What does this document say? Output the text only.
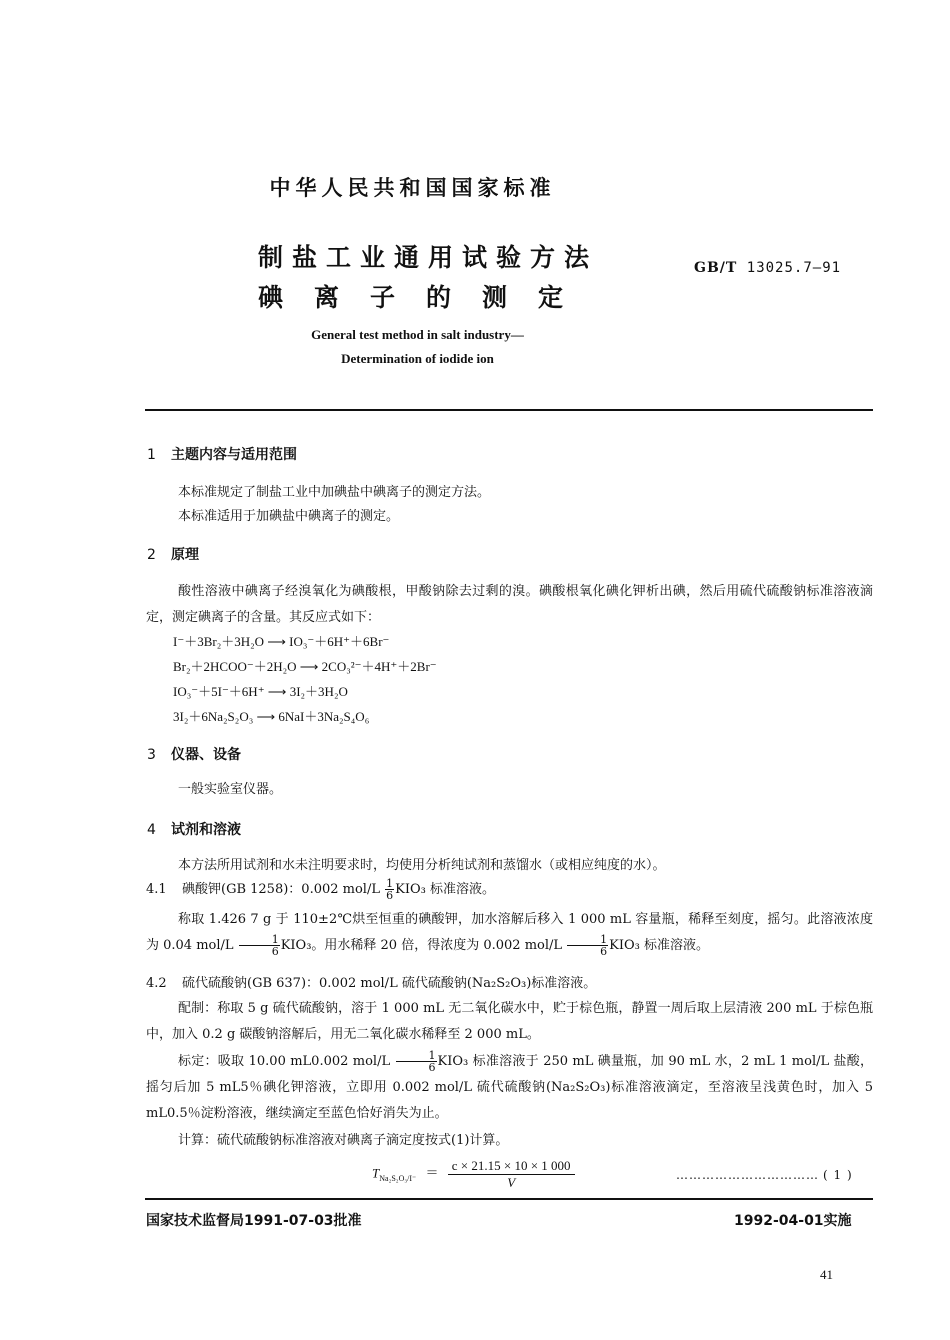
中华人民共和国国家标准
制盐工业通用试验方法
碘离子的测定
GB/T 13025.7—91
General test method in salt industry—
Determination of iodide ion
1 主题内容与适用范围
本标准规定了制盐工业中加碘盐中碘离子的测定方法。
本标准适用于加碘盐中碘离子的测定。
2 原理
酸性溶液中碘离子经溴氧化为碘酸根，甲酸钠除去过剩的溴。碘酸根氧化碘化钾析出碘，然后用硫代硫酸钠标准溶液滴定，测定碘离子的含量。其反应式如下：
I⁻＋3Br₂＋3H₂O ⟶ IO₃⁻＋6H⁺＋6Br⁻
Br₂＋2HCOO⁻＋2H₂O ⟶ 2CO₃²⁻＋4H⁺＋2Br⁻
IO₃⁻＋5I⁻＋6H⁺ ⟶ 3I₂＋3H₂O
3I₂＋6Na₂S₂O₃ ⟶ 6NaI＋3Na₂S₄O₆
3 仪器、设备
一般实验室仪器。
4 试剂和溶液
本方法所用试剂和水未注明要求时，均使用分析纯试剂和蒸馏水（或相应纯度的水）。
4.1 碘酸钾(GB 1258)：0.002 $mol/L \frac{1}{6} KIO_3$ 标准溶液。
称取 1.426 7 g 于 110±2℃烘至恒重的碘酸钾，加水溶解后移入 1 000 mL 容量瓶，稀释至刻度，摇匀。此溶液浓度为 0.04 $mol/L \frac{1}{6} KIO_3$。用水稀释 20 倍，得浓度为 0.002 $mol/L \frac{1}{6} KIO_3$ 标准溶液。
4.2 硫代硫酸钠(GB 637)：0.002 mol/L 硫代硫酸钠(Na₂S₂O₃)标准溶液。
配制：称取 5 g 硫代硫酸钠，溶于 1 000 mL 无二氧化碳水中，贮于棕色瓶，静置一周后取上层清液 200 mL 于棕色瓶中，加入 0.2 g 碳酸钠溶解后，用无二氧化碳水稀释至 2 000 mL。
标定：吸取 10.00 mL0.002 $mol/L \frac{1}{6} KIO_3$ 标准溶液于 250 mL 碘量瓶，加 90 mL 水，2 mL 1 mol/L 盐酸，摇匀后加 5 mL5％碘化钾溶液，立即用 0.002 mol/L 硫代硫酸钠(Na₂S₂O₃)标准溶液滴定，至溶液呈浅黄色时，加入 5 mL0.5％淀粉溶液，继续滴定至蓝色恰好消失为止。
计算：硫代硫酸钠标准溶液对碘离子滴定度按式(1)计算。
$T_{Na_2S_2O_3/I^-} = \frac{c \times 21.15 \times 10 \times 1 000}{V}$	…………………………… ( 1 )
国家技术监督局1991-07-03批准	1992-04-01实施
41
